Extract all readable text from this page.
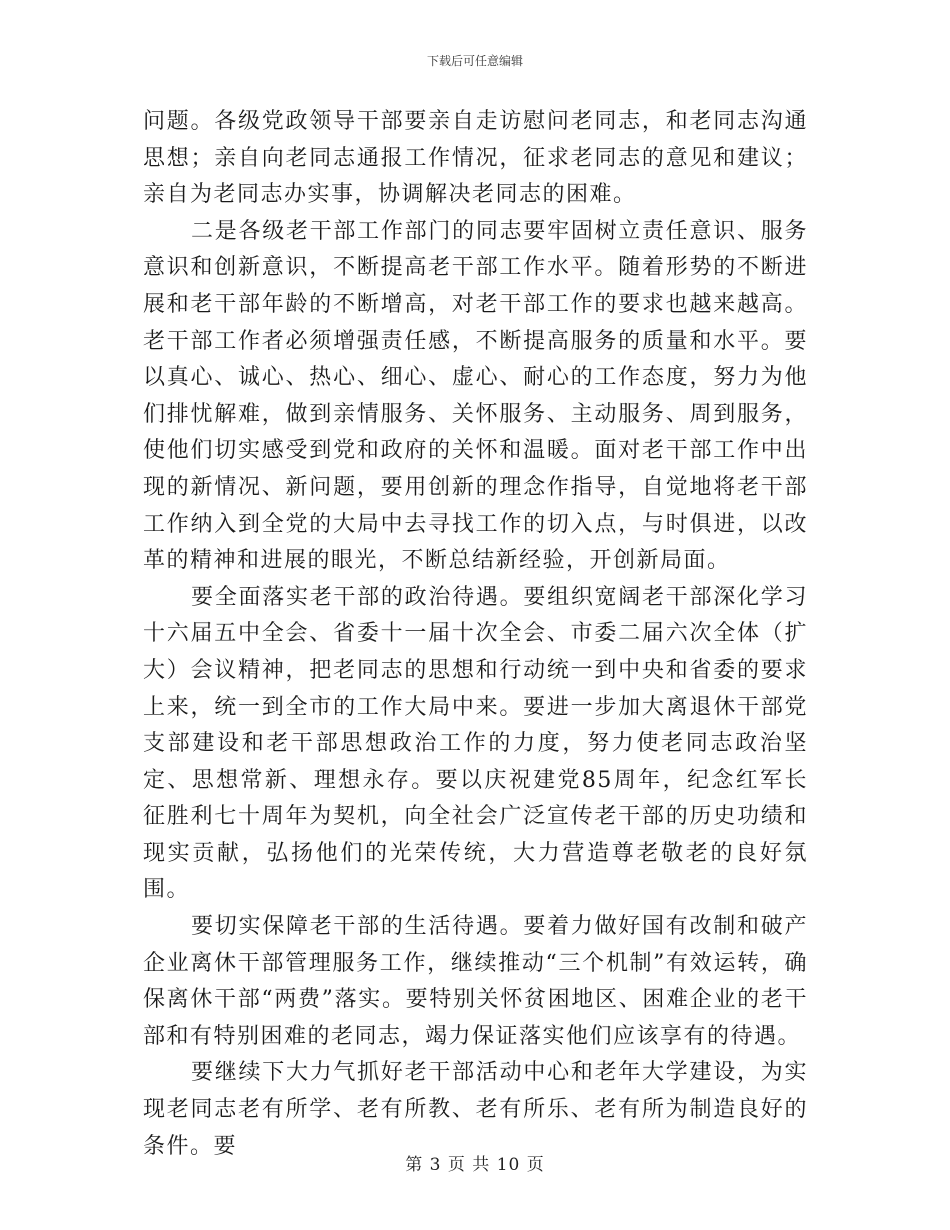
下载后可任意编辑

问题。各级党政领导干部要亲自走访慰问老同志，和老同志沟通思想；亲自向老同志通报工作情况，征求老同志的意见和建议；亲自为老同志办实事，协调解决老同志的困难。

二是各级老干部工作部门的同志要牢固树立责任意识、服务意识和创新意识，不断提高老干部工作水平。随着形势的不断进展和老干部年龄的不断增高，对老干部工作的要求也越来越高。老干部工作者必须增强责任感，不断提高服务的质量和水平。要以真心、诚心、热心、细心、虚心、耐心的工作态度，努力为他们排忧解难，做到亲情服务、关怀服务、主动服务、周到服务，使他们切实感受到党和政府的关怀和温暖。面对老干部工作中出现的新情况、新问题，要用创新的理念作指导，自觉地将老干部工作纳入到全党的大局中去寻找工作的切入点，与时俱进，以改革的精神和进展的眼光，不断总结新经验，开创新局面。

要全面落实老干部的政治待遇。要组织宽阔老干部深化学习十六届五中全会、省委十一届十次全会、市委二届六次全体（扩大）会议精神，把老同志的思想和行动统一到中央和省委的要求上来，统一到全市的工作大局中来。要进一步加大离退休干部党支部建设和老干部思想政治工作的力度，努力使老同志政治坚定、思想常新、理想永存。要以庆祝建党85周年，纪念红军长征胜利七十周年为契机，向全社会广泛宣传老干部的历史功绩和现实贡献，弘扬他们的光荣传统，大力营造尊老敬老的良好氛围。

要切实保障老干部的生活待遇。要着力做好国有改制和破产企业离休干部管理服务工作，继续推动“三个机制”有效运转，确保离休干部“两费”落实。要特别关怀贫困地区、困难企业的老干部和有特别困难的老同志，竭力保证落实他们应该享有的待遇。

要继续下大力气抓好老干部活动中心和老年大学建设，为实现老同志老有所学、老有所教、老有所乐、老有所为制造良好的条件。要

第 3 页 共 10 页
